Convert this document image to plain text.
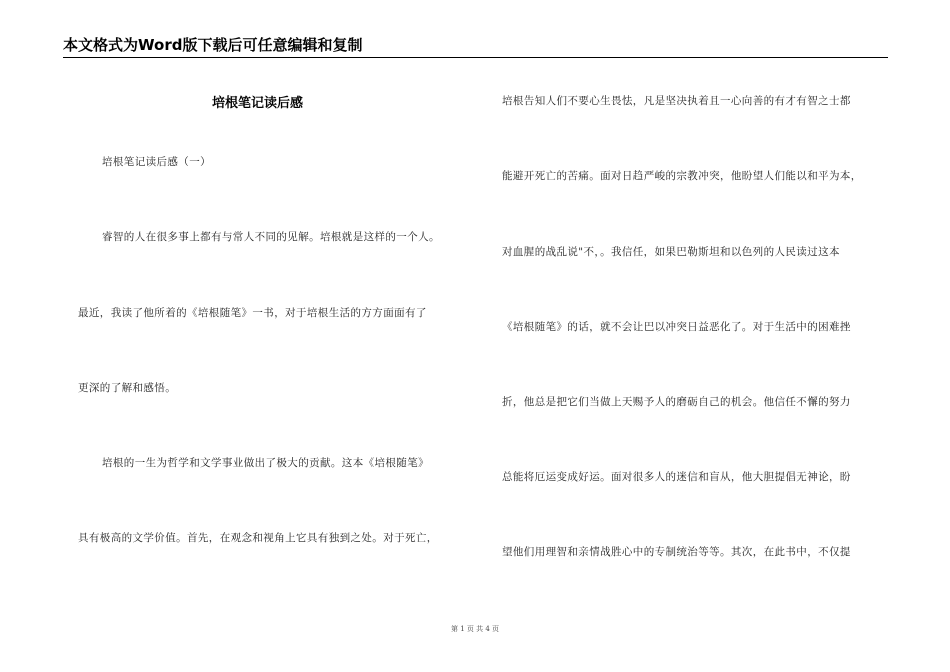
本文格式为Word版下载后可任意编辑和复制
培根笔记读后感
培根笔记读后感（一）
睿智的人在很多事上都有与常人不同的见解。培根就是这样的一个人。
最近，我读了他所着的《培根随笔》一书，对于培根生活的方方面面有了
更深的了解和感悟。
培根的一生为哲学和文学事业做出了极大的贡献。这本《培根随笔》
具有极高的文学价值。首先，在观念和视角上它具有独到之处。对于死亡，
培根告知人们不要心生畏怯，凡是坚决执着且一心向善的有才有智之士都
能避开死亡的苦痛。面对日趋严峻的宗教冲突，他盼望人们能以和平为本，
对血腥的战乱说"不，。我信任，如果巴勒斯坦和以色列的人民读过这本
《培根随笔》的话，就不会让巴以冲突日益恶化了。对于生活中的困难挫
折，他总是把它们当做上天赐予人的磨砺自己的机会。他信任不懈的努力
总能将厄运变成好运。面对很多人的迷信和盲从，他大胆提倡无神论，盼
望他们用理智和亲情战胜心中的专制统治等等。其次，在此书中，不仅提
第 1 页 共 4 页
